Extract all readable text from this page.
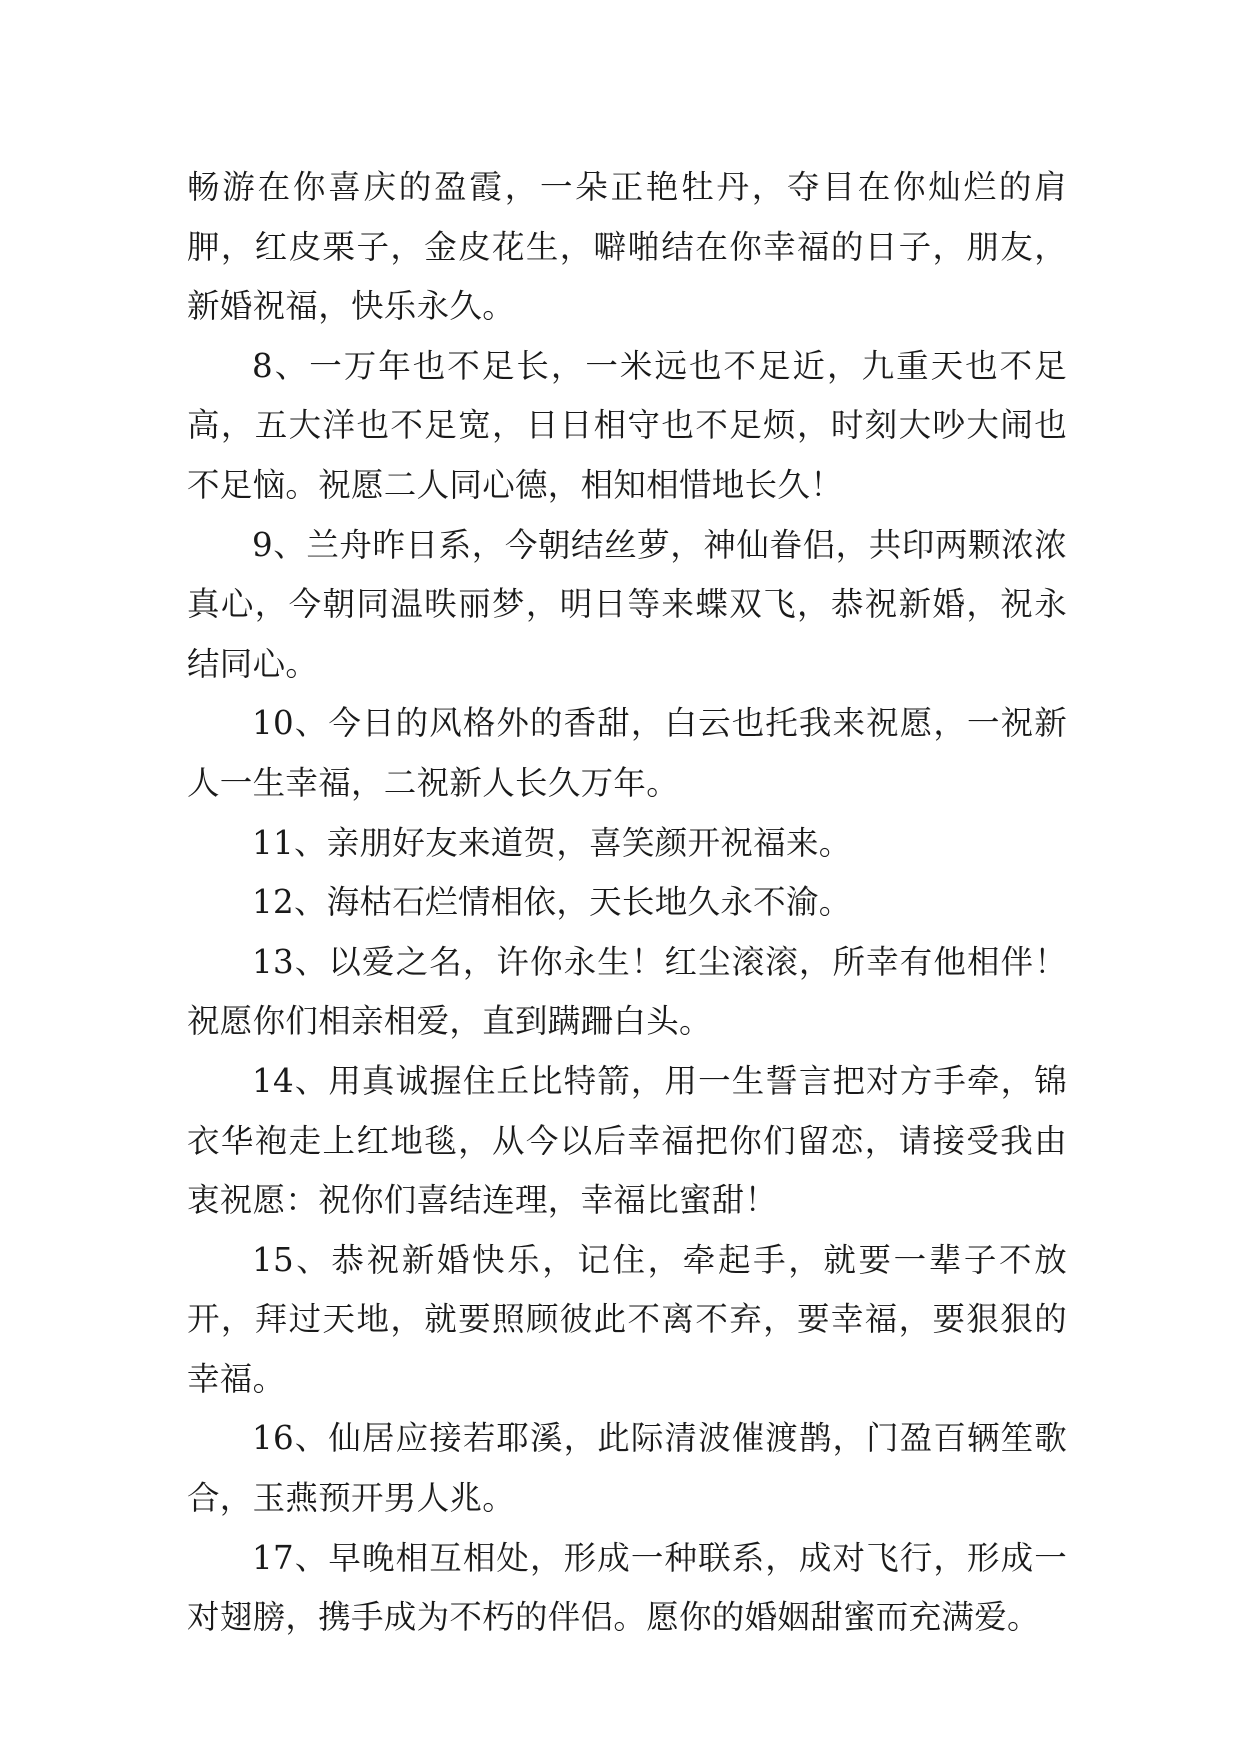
畅游在你喜庆的盈霞，一朵正艳牡丹，夺目在你灿烂的肩胛，红皮栗子，金皮花生，噼啪结在你幸福的日子，朋友，新婚祝福，快乐永久。

8、一万年也不足长，一米远也不足近，九重天也不足高，五大洋也不足宽，日日相守也不足烦，时刻大吵大闹也不足恼。祝愿二人同心德，相知相惜地长久！

9、兰舟昨日系，今朝结丝萝，神仙眷侣，共印两颗浓浓真心，今朝同温昳丽梦，明日等来蝶双飞，恭祝新婚，祝永结同心。

10、今日的风格外的香甜，白云也托我来祝愿，一祝新人一生幸福，二祝新人长久万年。

11、亲朋好友来道贺，喜笑颜开祝福来。

12、海枯石烂情相依，天长地久永不渝。

13、以爱之名，许你永生！红尘滚滚，所幸有他相伴！祝愿你们相亲相爱，直到蹒跚白头。

14、用真诚握住丘比特箭，用一生誓言把对方手牵，锦衣华袍走上红地毯，从今以后幸福把你们留恋，请接受我由衷祝愿：祝你们喜结连理，幸福比蜜甜！

15、恭祝新婚快乐，记住，牵起手，就要一辈子不放开，拜过天地，就要照顾彼此不离不弃，要幸福，要狠狠的幸福。

16、仙居应接若耶溪，此际清波催渡鹊，门盈百辆笙歌合，玉燕预开男人兆。

17、早晚相互相处，形成一种联系，成对飞行，形成一对翅膀，携手成为不朽的伴侣。愿你的婚姻甜蜜而充满爱。
